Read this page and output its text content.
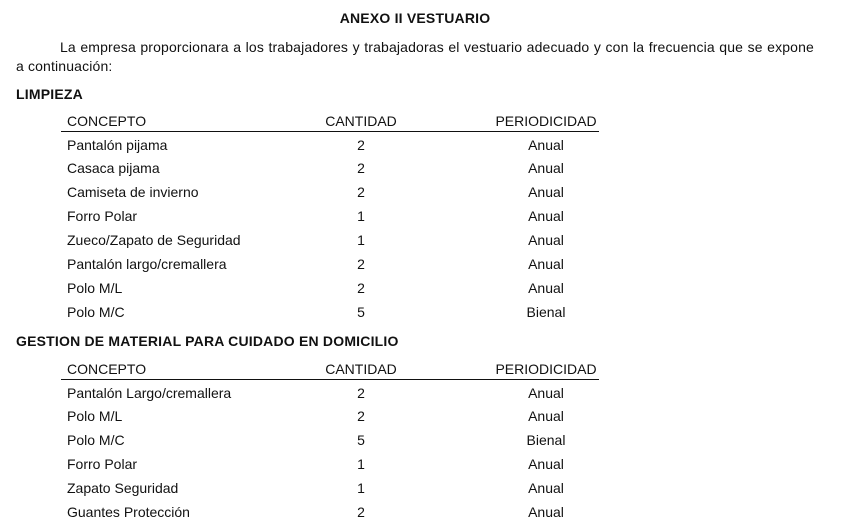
ANEXO II VESTUARIO
La empresa proporcionara a los trabajadores y trabajadoras el vestuario adecuado y con la frecuencia que se expone a continuación:
LIMPIEZA
CONCEPTO	CANTIDAD	PERIODICIDAD
Pantalón pijama	2	Anual
Casaca pijama	2	Anual
Camiseta de invierno	2	Anual
Forro Polar	1	Anual
Zueco/Zapato de Seguridad	1	Anual
Pantalón largo/cremallera	2	Anual
Polo M/L	2	Anual
Polo M/C	5	Bienal
GESTION DE MATERIAL PARA CUIDADO EN DOMICILIO
CONCEPTO	CANTIDAD	PERIODICIDAD
Pantalón Largo/cremallera	2	Anual
Polo M/L	2	Anual
Polo M/C	5	Bienal
Forro Polar	1	Anual
Zapato Seguridad	1	Anual
Guantes Protección	2	Anual
